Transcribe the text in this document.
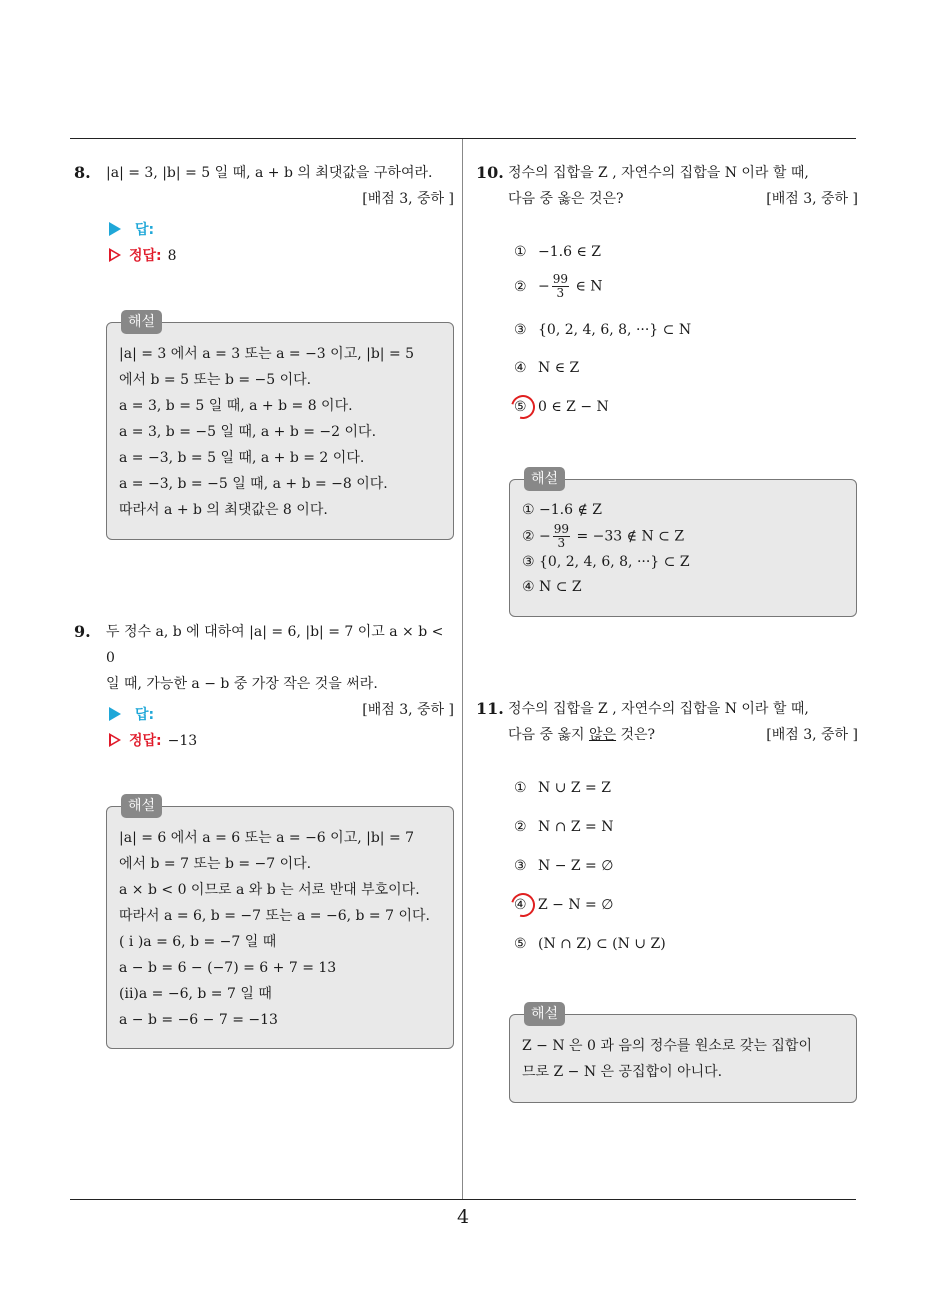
4
8. |a| = 3, |b| = 5 일 때, a + b 의 최댓값을 구하여라.
[배점 3, 중하 ]
답:
정답: 8
해설
|a| = 3 에서 a = 3 또는 a = −3 이고, |b| = 5
에서 b = 5 또는 b = −5 이다.
a = 3, b = 5 일 때, a + b = 8 이다.
a = 3, b = −5 일 때, a + b = −2 이다.
a = −3, b = 5 일 때, a + b = 2 이다.
a = −3, b = −5 일 때, a + b = −8 이다.
따라서 a + b 의 최댓값은 8 이다.
9. 두 정수 a, b 에 대하여 |a| = 6, |b| = 7 이고 a × b < 0
일 때, 가능한 a − b 중 가장 작은 것을 써라.
[배점 3, 중하 ]
답:
정답: −13
해설
|a| = 6 에서 a = 6 또는 a = −6 이고, |b| = 7
에서 b = 7 또는 b = −7 이다.
a × b < 0 이므로 a 와 b 는 서로 반대 부호이다.
따라서 a = 6, b = −7 또는 a = −6, b = 7 이다.
( i )a = 6, b = −7 일 때
a − b = 6 − (−7) = 6 + 7 = 13
(ii)a = −6, b = 7 일 때
a − b = −6 − 7 = −13
10. 정수의 집합을 Z , 자연수의 집합을 N 이라 할 때,
다음 중 옳은 것은?	[배점 3, 중하 ]
① −1.6 ∈ Z
② − $\frac{99}{3}$ ∈ N
③ {0, 2, 4, 6, 8, ···} ⊂ N
④ N ∈ Z
⑤ 0 ∈ Z − N
해설
① −1.6 ∉ Z
② − $\frac{99}{3} = -33$ ∉ N ⊂ Z
③ {0, 2, 4, 6, 8, ···} ⊂ Z
④ N ⊂ Z
11. 정수의 집합을 Z , 자연수의 집합을 N 이라 할 때,
다음 중 옳지 않은 것은?	[배점 3, 중하 ]
① N ∪ Z = Z
② N ∩ Z = N
③ N − Z = ∅
④ Z − N = ∅
⑤ (N ∩ Z) ⊂ (N ∪ Z)
해설
Z − N 은 0 과 음의 정수를 원소로 갖는 집합이
므로 Z − N 은 공집합이 아니다.
